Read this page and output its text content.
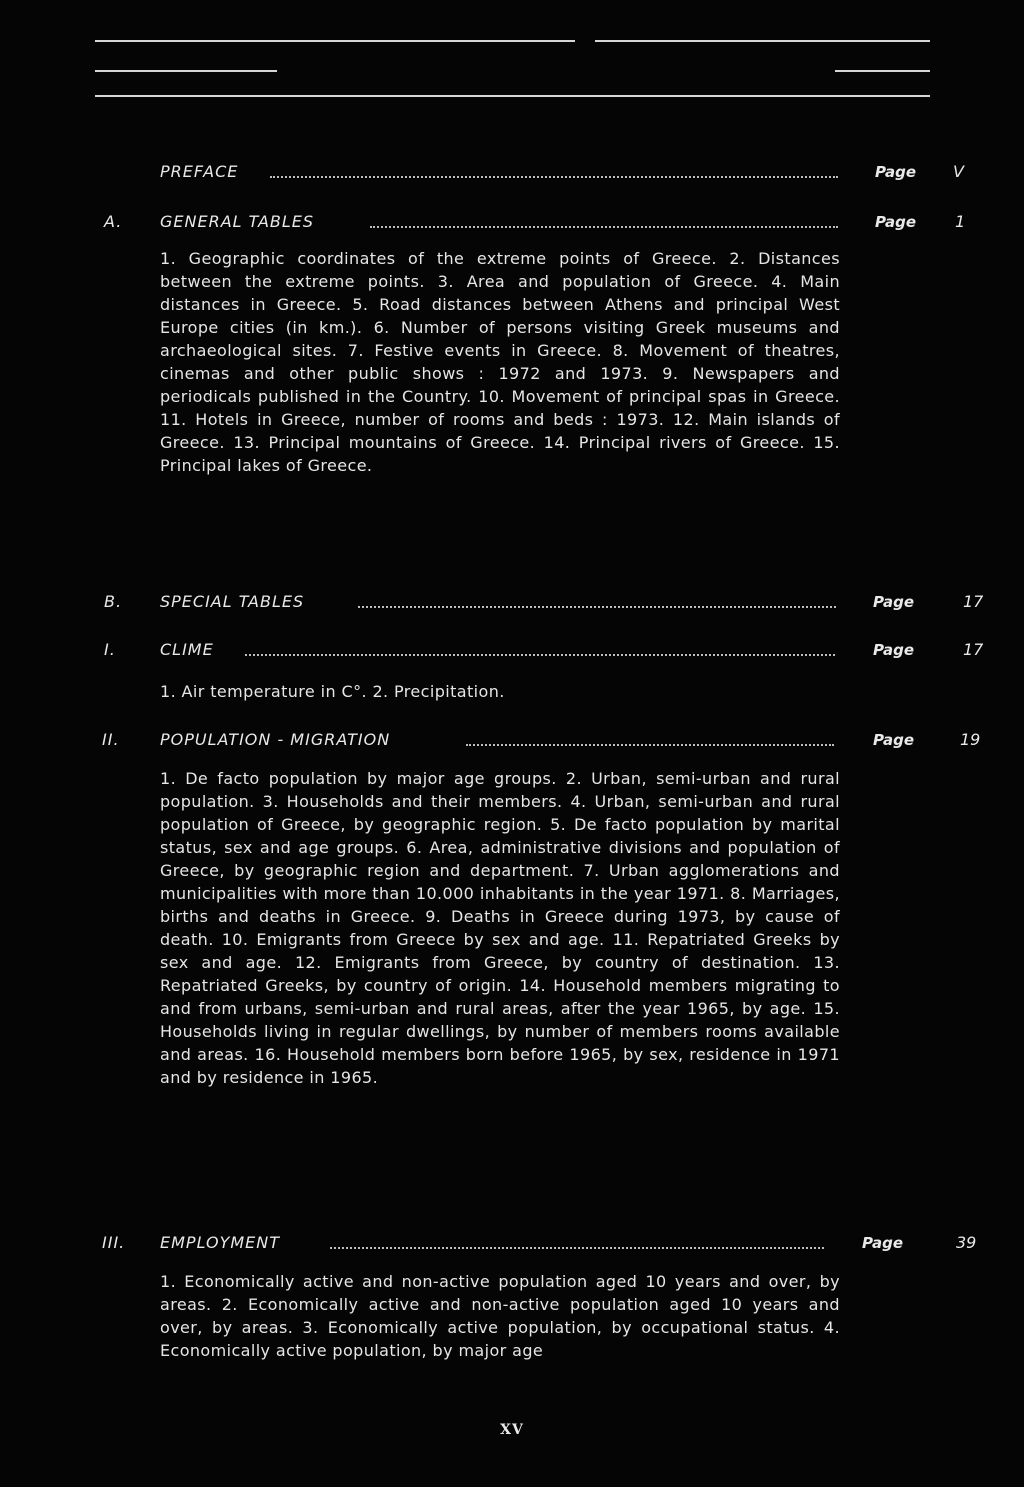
PREFACE	Page V
A. GENERAL TABLES	Page 1
1. Geographic coordinates of the extreme points of Greece. 2. Distances between the extreme points. 3. Area and population of Greece. 4. Main distances in Greece. 5. Road distances between Athens and principal West Europe cities (in km.). 6. Number of persons visiting Greek museums and archaeological sites. 7. Festive events in Greece. 8. Movement of theatres, cinemas and other public shows : 1972 and 1973. 9. Newspapers and periodicals published in the Country. 10. Movement of principal spas in Greece. 11. Hotels in Greece, number of rooms and beds : 1973. 12. Main islands of Greece. 13. Principal mountains of Greece. 14. Principal rivers of Greece. 15. Principal lakes of Greece.
B. SPECIAL TABLES	Page	17
I.	CLIME	Page	17
1. Air temperature in C°. 2. Precipitation.
II.	POPULATION - MIGRATION	Page	19
1. De facto population by major age groups. 2. Urban, semi-urban and rural population. 3. Households and their members. 4. Urban, semi-urban and rural population of Greece, by geographic region. 5. De facto population by marital status, sex and age groups. 6. Area, administrative divisions and population of Greece, by geographic region and department. 7. Urban agglomerations and municipalities with more than 10.000 inhabitants in the year 1971. 8. Marriages, births and deaths in Greece. 9. Deaths in Greece during 1973, by cause of death. 10. Emigrants from Greece by sex and age. 11. Repatriated Greeks by sex and age. 12. Emigrants from Greece, by country of destination. 13. Repatriated Greeks, by country of origin. 14. Household members migrating to and from urbans, semi-urban and rural areas, after the year 1965, by age. 15. Households living in regular dwellings, by number of members rooms available and areas. 16. Household members born before 1965, by sex, residence in 1971 and by residence in 1965.
III. EMPLOYMENT	Page	39
1. Economically active and non-active population aged 10 years and over, by areas. 2. Economically active and non-active population aged 10 years and over, by areas. 3. Economically active population, by occupational status. 4. Economically active population, by major age
XV
